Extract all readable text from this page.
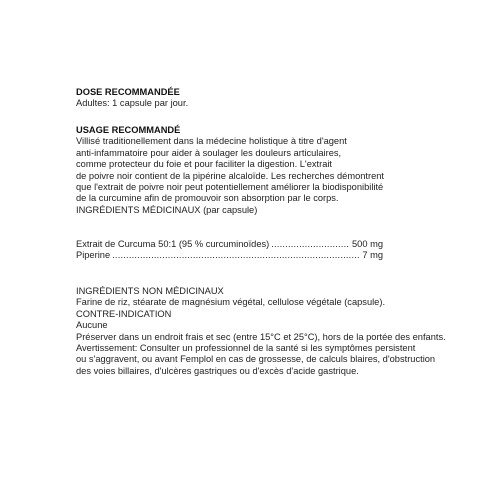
DOSE RECOMMANDÉE
Adultes: 1 capsule par jour.
USAGE RECOMMANDÉ
Villisé traditionellement dans la médecine holistique à titre d'agent
anti-infammatoire pour aider à soulager les douleurs articulaires,
comme protecteur du foie et pour faciliter la digestion. L'extrait
de poivre noir contient de la pipérine alcaloïde. Les recherches démontrent
que l'extrait de poivre noir peut potentiellement améliorer la biodisponibilité
de la curcumine afin de promouvoir son absorption par le corps.
INGRÉDIENTS MÉDICINAUX (par capsule)
Extrait de Curcuma 50:1 (95 % curcuminoïdes) .....	500 mg
Piperine .....	7 mg
INGRÉDIENTS NON MÉDICINAUX
Farine de riz, stéarate de magnésium végétal, cellulose végétale (capsule).
CONTRE-INDICATION
Aucune
Préserver dans un endroit frais et sec (entre 15°C et 25°C), hors de la portée des enfants.
Avertissement: Consulter un professionnel de la santé si les symptômes persistent
ou s'aggravent, ou avant Femplol en cas de grossesse, de calculs blaires, d'obstruction
des voies billaires, d'ulcères gastriques ou d'excès d'acide gastrique.
